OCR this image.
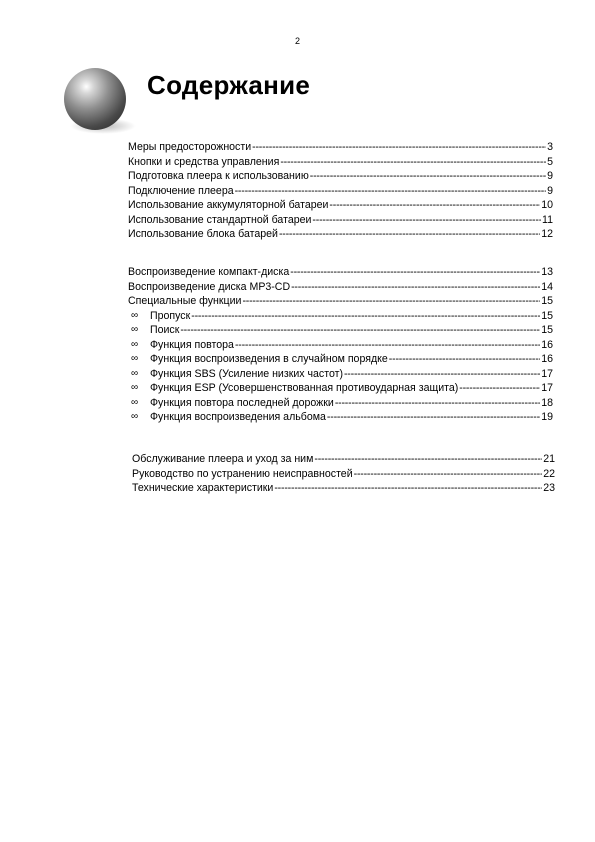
2
Содержание
Меры предосторожности -----	3
Кнопки и средства управления -----	5
Подготовка плеера к использованию -----	9
Подключение плеера -----	9
Использование аккумуляторной батареи -----	10
Использование стандартной батареи -----	11
Использование блока батарей -----	12
Воспроизведение компакт-диска -----	13
Воспроизведение диска MP3-CD -----	14
Специальные функции -----	15
∞	Пропуск -----	15
∞	Поиск -----	15
∞	Функция повтора -----	16
∞	Функция воспроизведения в случайном порядке -----	16
∞	Функция SBS (Усиление низких частот) -----	17
∞	Функция ESP (Усовершенствованная противоударная защита) -----	17
∞	Функция повтора последней дорожки -----	18
∞	Функция воспроизведения альбома -----	19
Обслуживание плеера и уход за ним -----	21
Руководство по устранению неисправностей -----	22
Технические характеристики -----	23
